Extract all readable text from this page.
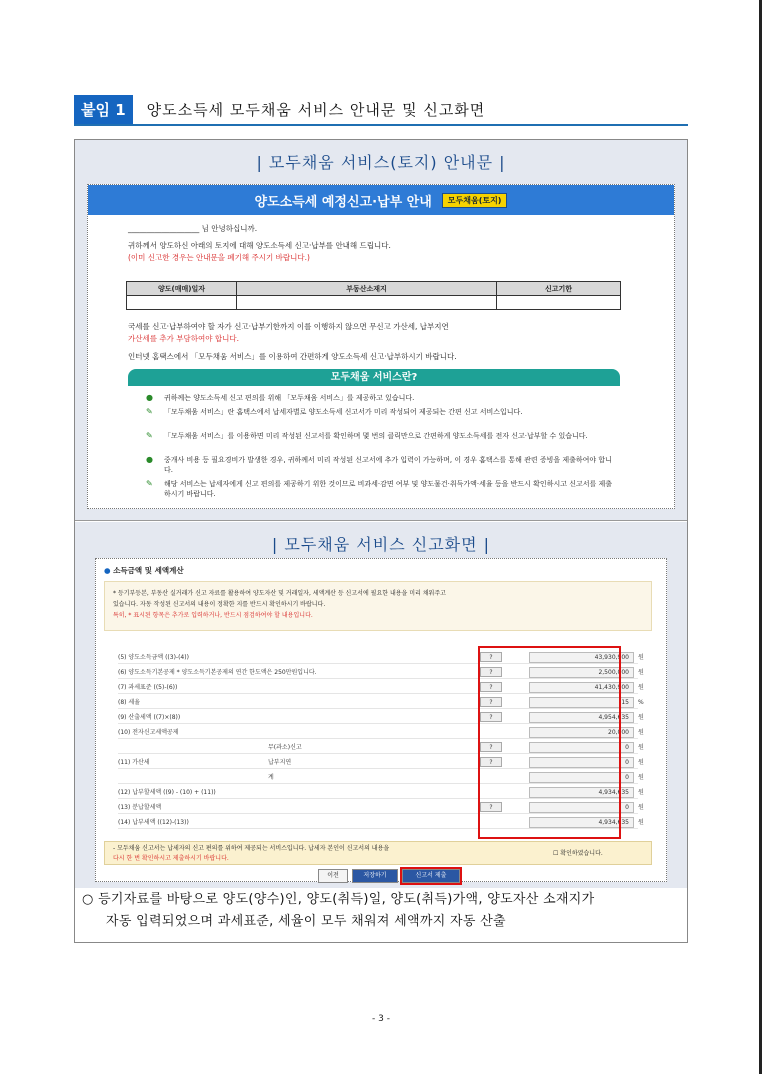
붙임 1	양도소득세 모두채움 서비스 안내문 및 신고화면
| 모두채움 서비스(토지) 안내문 |
양도소득세 예정신고·납부 안내	모두채움(토지)
___________________ 님 안녕하십니까.
귀하께서 양도하신 아래의 토지에 대해 양도소득세 신고·납부를 안내해 드립니다.
(이미 신고한 경우는 안내문을 폐기해 주시기 바랍니다.)
양도(매매)일자	부동산소재지	신고기한

국세를 신고·납부하여야 할 자가 신고·납부기한까지 이를 이행하지 않으면 무신고 가산세, 납부지연
가산세를 추가 부담하여야 합니다.
인터넷 홈택스에서 「모두채움 서비스」를 이용하여 간편하게 양도소득세 신고·납부하시기 바랍니다.
모두채움 서비스란?
● 귀하께는 양도소득세 신고 편의를 위해 「모두채움 서비스」를 제공하고 있습니다.
✎ 「모두채움 서비스」란 홈택스에서 납세자별로 양도소득세 신고서가 미리 작성되어 제공되는 간편 신고 서비스입니다.
✎ 「모두채움 서비스」를 이용하면 미리 작성된 신고서를 확인하며 몇 번의 클릭만으로 간편하게 양도소득세를 전자 신고·납부할 수 있습니다.
● 중개사 비용 등 필요경비가 발생한 경우, 귀하께서 미리 작성된 신고서에 추가 입력이 가능하며, 이 경우 홈택스를 통해 관련 증빙을 제출하여야 합니다.
✎ 해당 서비스는 납세자에게 신고 편의를 제공하기 위한 것이므로 비과세·감면 여부 및 양도물건·취득가액·세율 등을 반드시 확인하시고 신고서를 제출하시기 바랍니다.
| 모두채움 서비스 신고화면 |
● 소득금액 및 세액계산
* 등기부등본, 부동산 실거래가 신고 자료를 활용하여 양도자산 및 거래일자, 세액계산 등 신고서에 필요한 내용을 미리 채워주고
있습니다. 자동 작성된 신고서의 내용이 정확한 지를 반드시 확인하시기 바랍니다.
특히, * 표시된 항목은 추가로 입력하거나, 반드시 점검하여야 할 내용입니다.
(5) 양도소득금액 ((3)-(4))	?	43,930,900	원
(6) 양도소득기본공제 * 양도소득기본공제의 연간 한도액은 250만원입니다.	?	2,500,000	원
(7) 과세표준 ((5)-(6))	?	41,430,900	원
(8) 세율	?	15	%
(9) 산출세액 ((7)×(8))	?	4,954,635	원
(10) 전자신고세액공제	20,000	원
무(과소)신고	?	0	원
(11) 가산세	납부지연	?	0	원
계	0	원
(12) 납부할세액 ((9) - (10) + (11))	4,934,635	원
(13) 분납할세액	?	0	원
(14) 납부세액 ((12)-(13))	4,934,635	원
- 모두채움 신고서는 납세자의 신고 편의를 위하여 제공되는 서비스입니다. 납세자 본인이 신고서의 내용을
다시 한 번 확인하시고 제출하시기 바랍니다.
☐ 확인하였습니다.
이전	저장하기	신고서 제출
○ 등기자료를 바탕으로 양도(양수)인, 양도(취득)일, 양도(취득)가액, 양도자산 소재지가
자동 입력되었으며 과세표준, 세율이 모두 채워져 세액까지 자동 산출
- 3 -
